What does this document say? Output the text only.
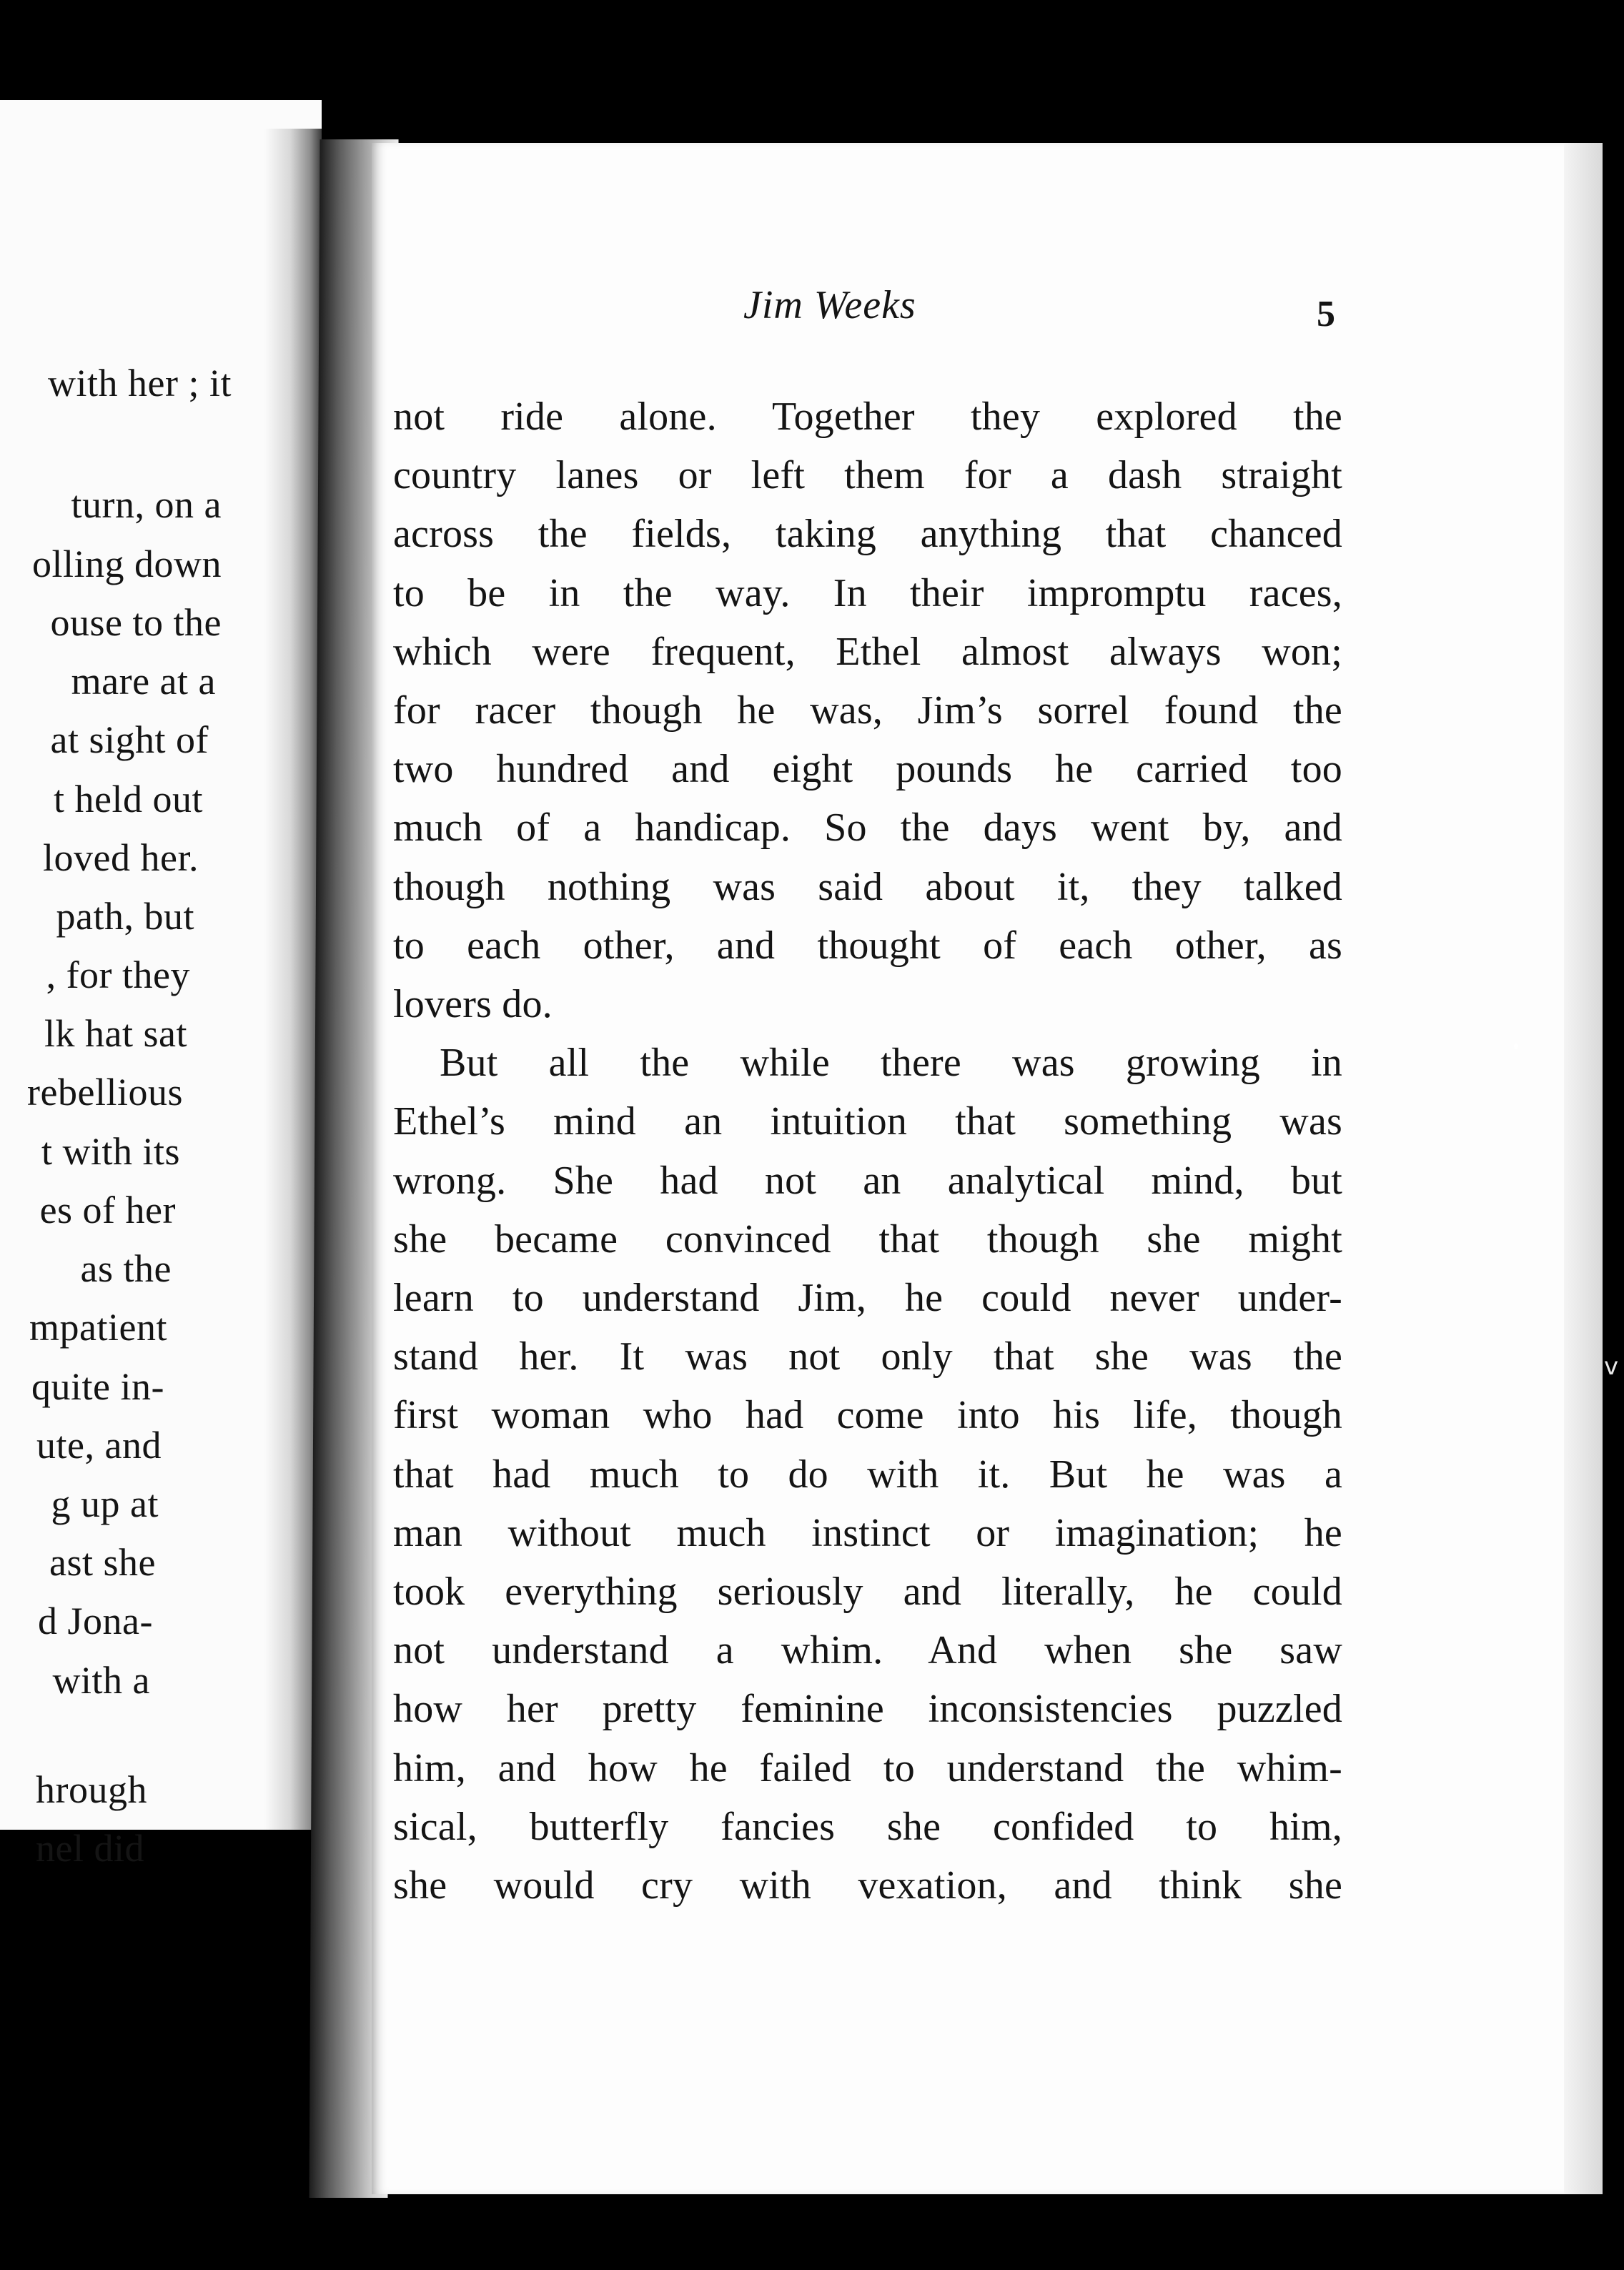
with her ; it
turn, on a
olling down
ouse to the
mare at a
at sight of
t held out
loved her.
path, but
, for they
lk hat sat
rebellious
t with its
es of her
as the
mpatient
quite in-
ute, and
g up at
ast she
d Jona-
with a
hrough
nel did
Jim Weeks	5
not ride alone. Together they explored the
country lanes or left them for a dash straight
across the fields, taking anything that chanced
to be in the way. In their impromptu races,
which were frequent, Ethel almost always won;
for racer though he was, Jim’s sorrel found the
two hundred and eight pounds he carried too
much of a handicap. So the days went by, and
though nothing was said about it, they talked
to each other, and thought of each other, as
lovers do.
But all the while there was growing in
Ethel’s mind an intuition that something was
wrong. She had not an analytical mind, but
she became convinced that though she might
learn to understand Jim, he could never under-
stand her. It was not only that she was the
first woman who had come into his life, though
that had much to do with it. But he was a
man without much instinct or imagination; he
took everything seriously and literally, he could
not understand a whim. And when she saw
how her pretty feminine inconsistencies puzzled
him, and how he failed to understand the whim-
sical, butterfly fancies she confided to him,
she would cry with vexation, and think she
v
